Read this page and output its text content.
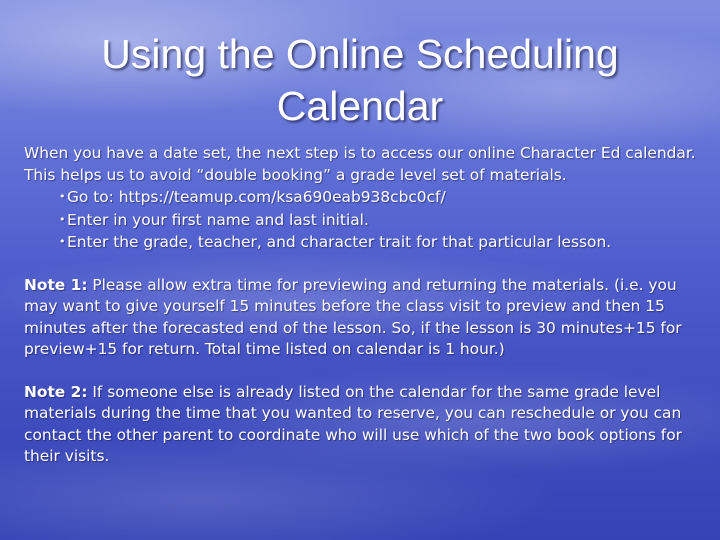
Using the Online Scheduling
Calendar

When you have a date set, the next step is to access our online Character Ed calendar. This helps us to avoid “double booking” a grade level set of materials.

•Go to: https://teamup.com/ksa690eab938cbc0cf/
•Enter in your first name and last initial.
•Enter the grade, teacher, and character trait for that particular lesson.

Note 1: Please allow extra time for previewing and returning the materials. (i.e. you may want to give yourself 15 minutes before the class visit to preview and then 15 minutes after the forecasted end of the lesson. So, if the lesson is 30 minutes+15 for preview+15 for return. Total time listed on calendar is 1 hour.)

Note 2: If someone else is already listed on the calendar for the same grade level materials during the time that you wanted to reserve, you can reschedule or you can contact the other parent to coordinate who will use which of the two book options for their visits.
